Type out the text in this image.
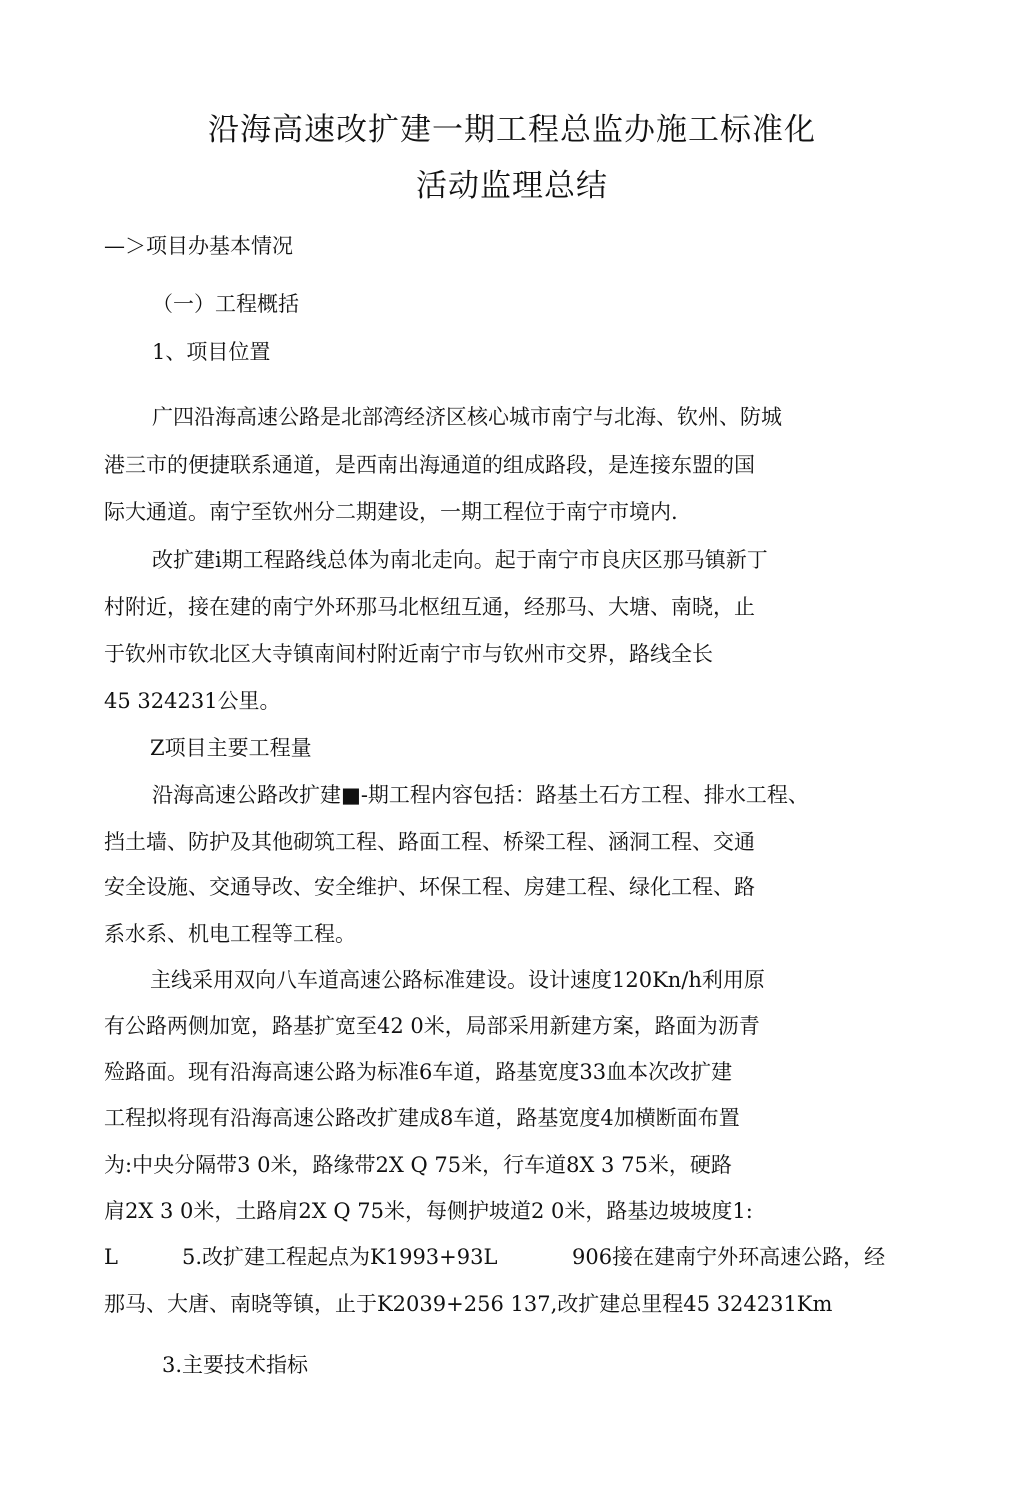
沿海高速改扩建一期工程总监办施工标准化
活动监理总结
—＞项目办基本情况
（一）工程概括
1、项目位置
广四沿海高速公路是北部湾经济区核心城市南宁与北海、钦州、防城
港三市的便捷联系通道，是西南出海通道的组成路段，是连接东盟的国
际大通道。南宁至钦州分二期建设，一期工程位于南宁市境内.
改扩建i期工程路线总体为南北走向。起于南宁市良庆区那马镇新丁
村附近，接在建的南宁外环那马北枢纽互通，经那马、大塘、南晓，止
于钦州市钦北区大寺镇南间村附近南宁市与钦州市交界，路线全长
45 324231公里。
Z项目主要工程量
沿海高速公路改扩建■-期工程内容包括：路基土石方工程、排水工程、
挡土墙、防护及其他砌筑工程、路面工程、桥梁工程、涵洞工程、交通
安全设施、交通导改、安全维护、坏保工程、房建工程、绿化工程、路
系水系、机电工程等工程。
主线采用双向八车道高速公路标准建设。设计速度120Kn/h利用原
有公路两侧加宽，路基扩宽至42 0米，局部采用新建方案，路面为沥青
殓路面。现有沿海高速公路为标准6车道，路基宽度33血本次改扩建
工程拟将现有沿海高速公路改扩建成8车道，路基宽度4加横断面布置
为:中央分隔带3 0米，路缘带2X Q 75米，行车道8X 3 75米，硬路
肩2X 3 0米，土路肩2X Q 75米，每侧护坡道2 0米，路基边坡坡度1:
L	5.改扩建工程起点为K1993+93L	906接在建南宁外环高速公路，经
那马、大唐、南晓等镇，止于K2039+256 137,改扩建总里程45 324231Km
3.主要技术指标
